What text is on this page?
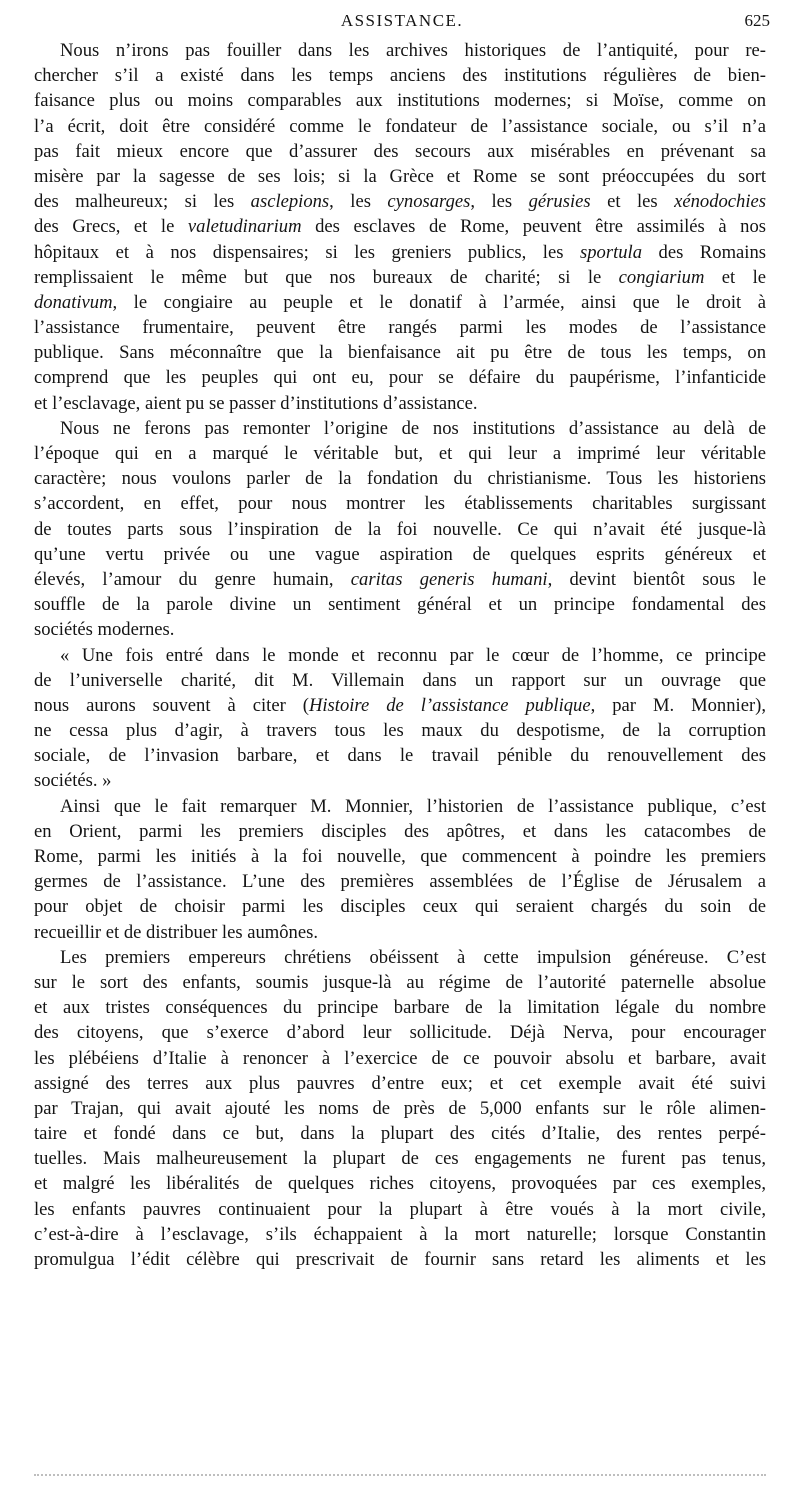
ASSISTANCE.	625
Nous n’irons pas fouiller dans les archives historiques de l’antiquité, pour re-
chercher s’il a existé dans les temps anciens des institutions régulières de bien-
faisance plus ou moins comparables aux institutions modernes; si Moïse, comme on
l’a écrit, doit être considéré comme le fondateur de l’assistance sociale, ou s’il n’a
pas fait mieux encore que d’assurer des secours aux misérables en prévenant sa
misère par la sagesse de ses lois; si la Grèce et Rome se sont préoccupées du sort
des malheureux; si les asclepions, les cynosarges, les gérusies et les xénodochies
des Grecs, et le valetudinarium des esclaves de Rome, peuvent être assimilés à nos
hôpitaux et à nos dispensaires; si les greniers publics, les sportula des Romains
remplissaient le même but que nos bureaux de charité; si le congiarium et le
donativum, le congiaire au peuple et le donatif à l’armée, ainsi que le droit à
l’assistance frumentaire, peuvent être rangés parmi les modes de l’assistance
publique. Sans méconnaître que la bienfaisance ait pu être de tous les temps, on
comprend que les peuples qui ont eu, pour se défaire du paupérisme, l’infanticide
et l’esclavage, aient pu se passer d’institutions d’assistance.
Nous ne ferons pas remonter l’origine de nos institutions d’assistance au delà de
l’époque qui en a marqué le véritable but, et qui leur a imprimé leur véritable
caractère; nous voulons parler de la fondation du christianisme. Tous les historiens
s’accordent, en effet, pour nous montrer les établissements charitables surgissant
de toutes parts sous l’inspiration de la foi nouvelle. Ce qui n’avait été jusque-là
qu’une vertu privée ou une vague aspiration de quelques esprits généreux et
élevés, l’amour du genre humain, caritas generis humani, devint bientôt sous le
souffle de la parole divine un sentiment général et un principe fondamental des
sociétés modernes.
« Une fois entré dans le monde et reconnu par le cœur de l’homme, ce principe
de l’universelle charité, dit M. Villemain dans un rapport sur un ouvrage que
nous aurons souvent à citer (Histoire de l’assistance publique, par M. Monnier),
ne cessa plus d’agir, à travers tous les maux du despotisme, de la corruption
sociale, de l’invasion barbare, et dans le travail pénible du renouvellement des
sociétés. »
Ainsi que le fait remarquer M. Monnier, l’historien de l’assistance publique, c’est
en Orient, parmi les premiers disciples des apôtres, et dans les catacombes de
Rome, parmi les initiés à la foi nouvelle, que commencent à poindre les premiers
germes de l’assistance. L’une des premières assemblées de l’Église de Jérusalem a
pour objet de choisir parmi les disciples ceux qui seraient chargés du soin de
recueillir et de distribuer les aumônes.
Les premiers empereurs chrétiens obéissent à cette impulsion généreuse. C’est
sur le sort des enfants, soumis jusque-là au régime de l’autorité paternelle absolue
et aux tristes conséquences du principe barbare de la limitation légale du nombre
des citoyens, que s’exerce d’abord leur sollicitude. Déjà Nerva, pour encourager
les plébéiens d’Italie à renoncer à l’exercice de ce pouvoir absolu et barbare, avait
assigné des terres aux plus pauvres d’entre eux; et cet exemple avait été suivi
par Trajan, qui avait ajouté les noms de près de 5,000 enfants sur le rôle alimen-
taire et fondé dans ce but, dans la plupart des cités d’Italie, des rentes perpé-
tuelles. Mais malheureusement la plupart de ces engagements ne furent pas tenus,
et malgré les libéralités de quelques riches citoyens, provoquées par ces exemples,
les enfants pauvres continuaient pour la plupart à être voués à la mort civile,
c’est-à-dire à l’esclavage, s’ils échappaient à la mort naturelle; lorsque Constantin
promulgua l’édit célèbre qui prescrivait de fournir sans retard les aliments et les
